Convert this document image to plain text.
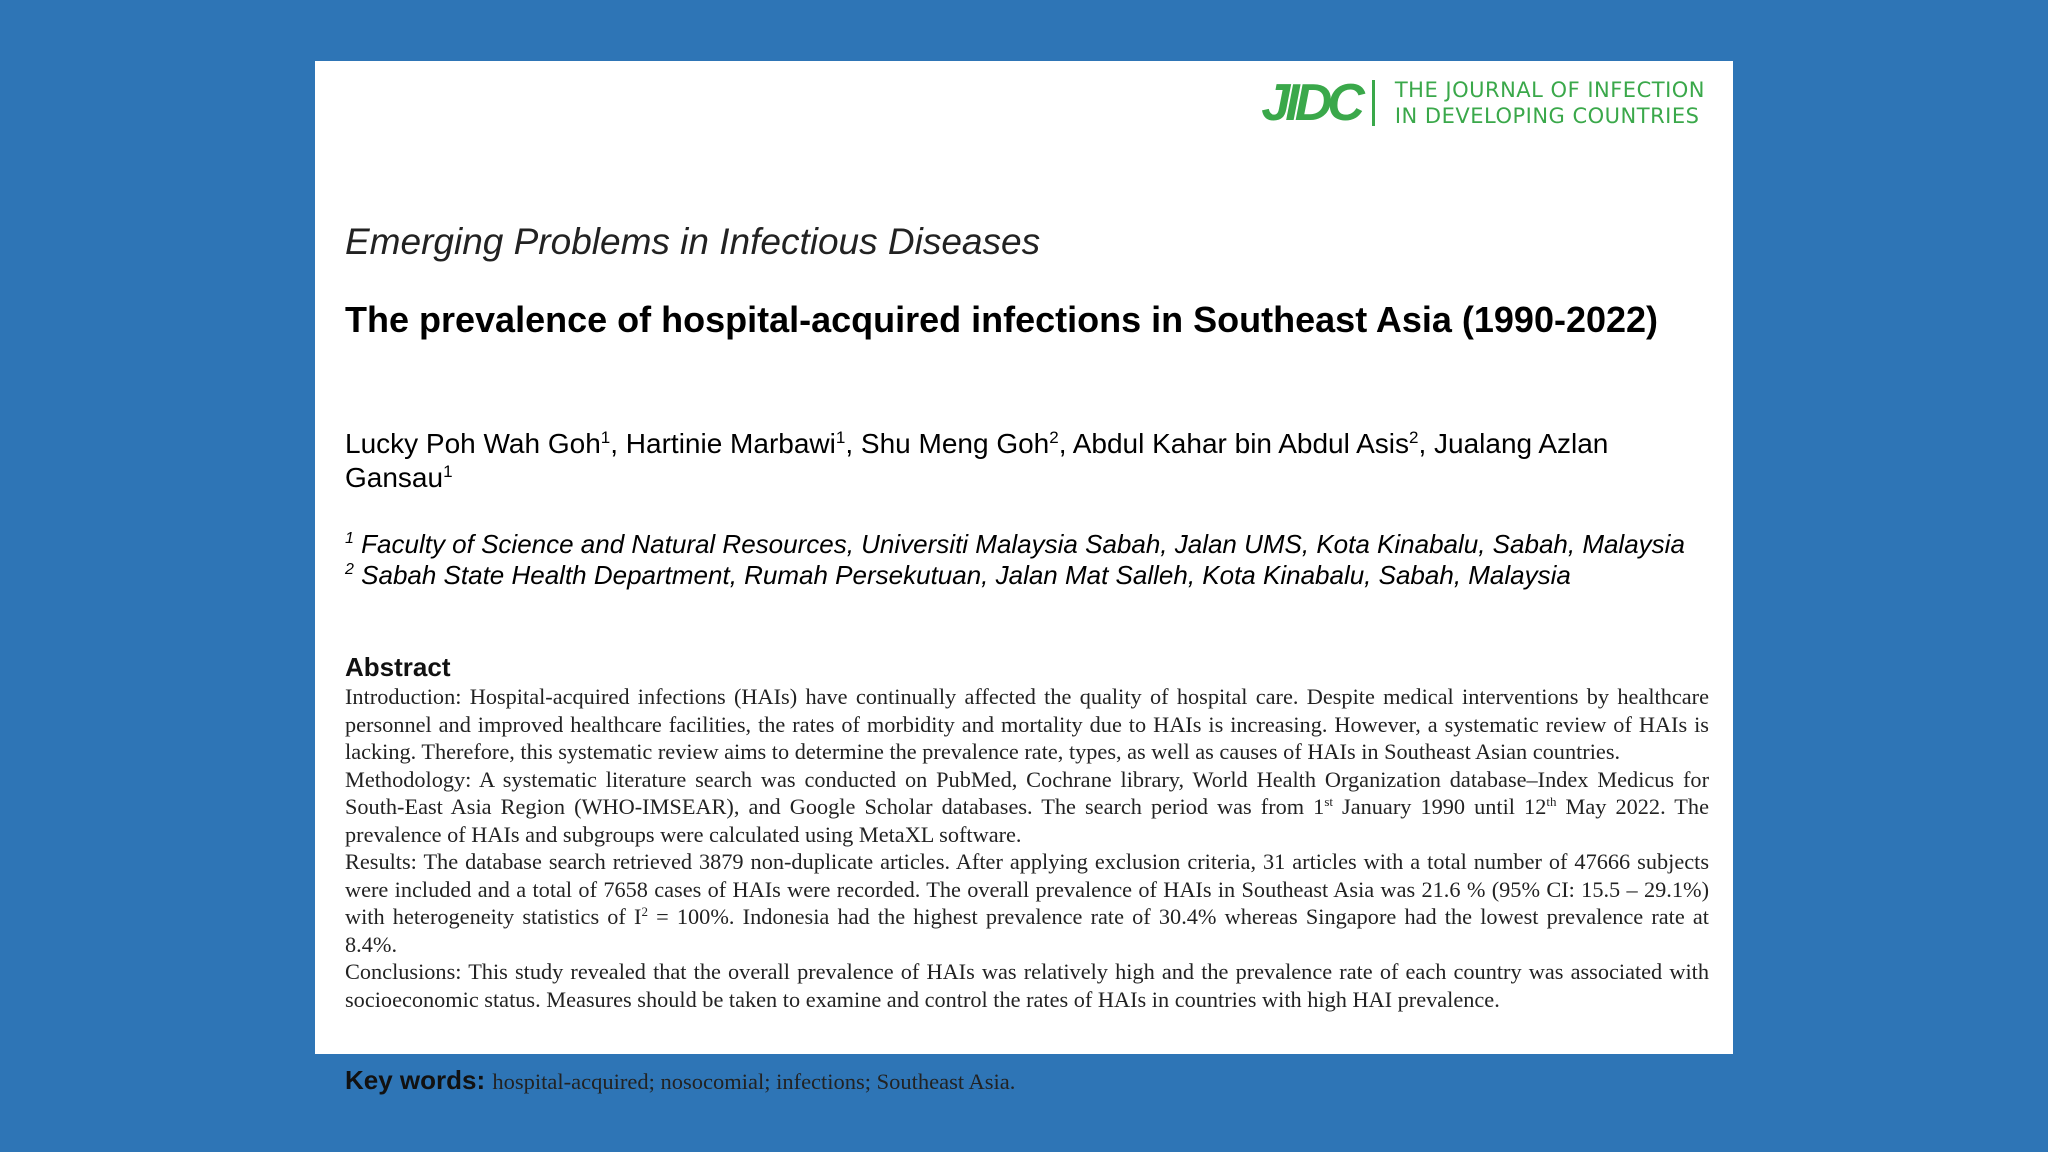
JIDC	THE JOURNAL OF INFECTION
IN DEVELOPING COUNTRIES
Emerging Problems in Infectious Diseases
The prevalence of hospital-acquired infections in Southeast Asia (1990-2022)
Lucky Poh Wah Goh$^1$, Hartinie Marbawi$^1$, Shu Meng Goh$^2$, Abdul Kahar bin Abdul Asis$^2$, Jualang Azlan Gansau$^1$
$^1$ Faculty of Science and Natural Resources, Universiti Malaysia Sabah, Jalan UMS, Kota Kinabalu, Sabah, Malaysia
$^2$ Sabah State Health Department, Rumah Persekutuan, Jalan Mat Salleh, Kota Kinabalu, Sabah, Malaysia
Abstract

Introduction: Hospital-acquired infections (HAIs) have continually affected the quality of hospital care. Despite medical interventions by healthcare personnel and improved healthcare facilities, the rates of morbidity and mortality due to HAIs is increasing. However, a systematic review of HAIs is lacking. Therefore, this systematic review aims to determine the prevalence rate, types, as well as causes of HAIs in Southeast Asian countries.

Methodology: A systematic literature search was conducted on PubMed, Cochrane library, World Health Organization database–Index Medicus for South-East Asia Region (WHO-IMSEAR), and Google Scholar databases. The search period was from 1st January 1990 until 12th May 2022. The prevalence of HAIs and subgroups were calculated using MetaXL software.

Results: The database search retrieved 3879 non-duplicate articles. After applying exclusion criteria, 31 articles with a total number of 47666 subjects were included and a total of 7658 cases of HAIs were recorded. The overall prevalence of HAIs in Southeast Asia was 21.6 % (95% CI: 15.5 – 29.1%) with heterogeneity statistics of $I^2 = 100\%$. Indonesia had the highest prevalence rate of 30.4% whereas Singapore had the lowest prevalence rate at 8.4%.

Conclusions: This study revealed that the overall prevalence of HAIs was relatively high and the prevalence rate of each country was associated with socioeconomic status. Measures should be taken to examine and control the rates of HAIs in countries with high HAI prevalence.

Key words: hospital-acquired; nosocomial; infections; Southeast Asia.
